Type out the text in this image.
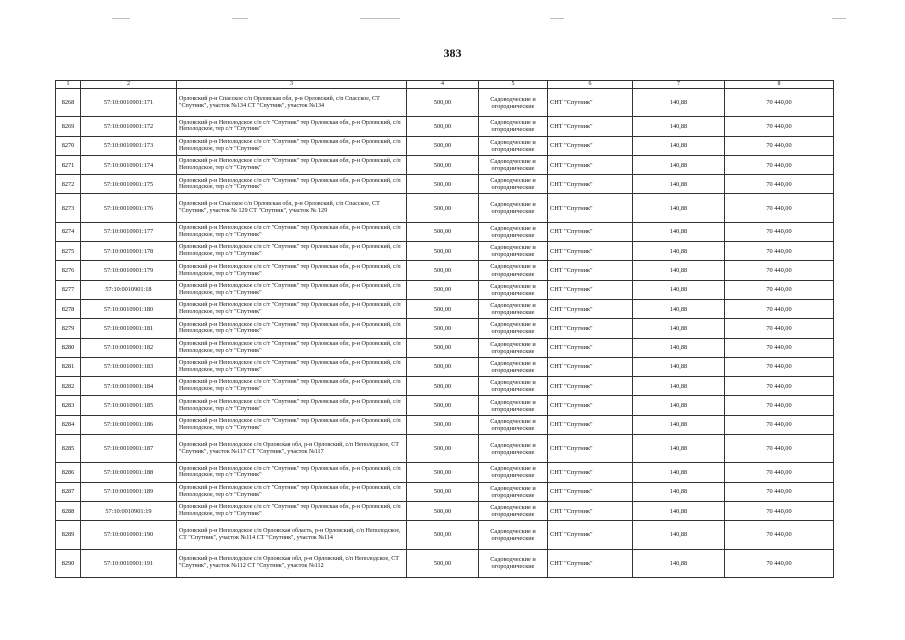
383
1	2	3	4	5	6	7	8
8268	57:10:0010901:171	Орловский р-н Спасское с/п Орловская обл, р-н Орловский, с/п Спасское, СТ "Спутник", участок №134 СТ "Спутник", участок №134	500,00	Садоводческие и огороднические	СНТ "Спутник"	140,88	70 440,00
8269	57:10:0010901:172	Орловский р-н Неполодское с/п с/т "Спутник" тер Орловская обл, р-н Орловский, с/п Неполодское, тер с/т "Спутник"	500,00	Садоводческие и огороднические	СНТ "Спутник"	140,88	70 440,00
8270	57:10:0010901:173	Орловский р-н Неполодское с/п с/т "Спутник" тер Орловская обл, р-н Орловский, с/п Неполодское, тер с/т "Спутник"	500,00	Садоводческие и огороднические	СНТ "Спутник"	140,88	70 440,00
8271	57:10:0010901:174	Орловский р-н Неполодское с/п с/т "Спутник" тер Орловская обл, р-н Орловский, с/п Неполодское, тер с/т "Спутник"	500,00	Садоводческие и огороднические	СНТ "Спутник"	140,88	70 440,00
8272	57:10:0010901:175	Орловский р-н Неполодское с/п с/т "Спутник" тер Орловская обл, р-н Орловский, с/п Неполодское, тер с/т "Спутник"	500,00	Садоводческие и огороднические	СНТ "Спутник"	140,88	70 440,00
8273	57:10:0010901:176	Орловский р-н Спасское с/п Орловская обл, р-н Орловский, с/п Спасское, СТ "Спутник", участок № 129 СТ "Спутник", участок № 129	500,00	Садоводческие и огороднические	СНТ "Спутник"	140,88	70 440,00
8274	57:10:0010901:177	Орловский р-н Неполодское с/п с/т "Спутник" тер Орловская обл, р-н Орловский, с/п Неполодское, тер с/т "Спутник"	500,00	Садоводческие и огороднические	СНТ "Спутник"	140,88	70 440,00
8275	57:10:0010901:178	Орловский р-н Неполодское с/п с/т "Спутник" тер Орловская обл, р-н Орловский, с/п Неполодское, тер с/т "Спутник"	500,00	Садоводческие и огороднические	СНТ "Спутник"	140,88	70 440,00
8276	57:10:0010901:179	Орловский р-н Неполодское с/п с/т "Спутник" тер Орловская обл, р-н Орловский, с/п Неполодское, тер с/т "Спутник"	500,00	Садоводческие и огороднические	СНТ "Спутник"	140,88	70 440,00
8277	57:10:0010901:18	Орловский р-н Неполодское с/п с/т "Спутник" тер Орловская обл, р-н Орловский, с/п Неполодское, тер с/т "Спутник"	500,00	Садоводческие и огороднические	СНТ "Спутник"	140,88	70 440,00
8278	57:10:0010901:180	Орловский р-н Неполодское с/п с/т "Спутник" тер Орловская обл, р-н Орловский, с/п Неполодское, тер с/т "Спутник"	500,00	Садоводческие и огороднические	СНТ "Спутник"	140,88	70 440,00
8279	57:10:0010901:181	Орловский р-н Неполодское с/п с/т "Спутник" тер Орловская обл, р-н Орловский, с/п Неполодское, тер с/т "Спутник"	500,00	Садоводческие и огороднические	СНТ "Спутник"	140,88	70 440,00
8280	57:10:0010901:182	Орловский р-н Неполодское с/п с/т "Спутник" тер Орловская обл, р-н Орловский, с/п Неполодское, тер с/т "Спутник"	500,00	Садоводческие и огороднические	СНТ "Спутник"	140,88	70 440,00
8281	57:10:0010901:183	Орловский р-н Неполодское с/п с/т "Спутник" тер Орловская обл, р-н Орловский, с/п Неполодское, тер с/т "Спутник"	500,00	Садоводческие и огороднические	СНТ "Спутник"	140,88	70 440,00
8282	57:10:0010901:184	Орловский р-н Неполодское с/п с/т "Спутник" тер Орловская обл, р-н Орловский, с/п Неполодское, тер с/т "Спутник"	500,00	Садоводческие и огороднические	СНТ "Спутник"	140,88	70 440,00
8283	57:10:0010901:185	Орловский р-н Неполодское с/п с/т "Спутник" тер Орловская обл, р-н Орловский, с/п Неполодское, тер с/т "Спутник"	500,00	Садоводческие и огороднические	СНТ "Спутник"	140,88	70 440,00
8284	57:10:0010901:186	Орловский р-н Неполодское с/п с/т "Спутник" тер Орловская обл, р-н Орловский, с/п Неполодское, тер с/т "Спутник"	500,00	Садоводческие и огороднические	СНТ "Спутник"	140,88	70 440,00
8285	57:10:0010901:187	Орловский р-н Неполодское с/п Орловская обл, р-н Орловский, с/п Неполодское, СТ "Спутник", участок №117 СТ "Спутник", участок №117	500,00	Садоводческие и огороднические	СНТ "Спутник"	140,88	70 440,00
8286	57:10:0010901:188	Орловский р-н Неполодское с/п с/т "Спутник" тер Орловская обл, р-н Орловский, с/п Неполодское, тер с/т "Спутник"	500,00	Садоводческие и огороднические	СНТ "Спутник"	140,88	70 440,00
8287	57:10:0010901:189	Орловский р-н Неполодское с/п с/т "Спутник" тер Орловская обл, р-н Орловский, с/п Неполодское, тер с/т "Спутник"	500,00	Садоводческие и огороднические	СНТ "Спутник"	140,88	70 440,00
8288	57:10:0010901:19	Орловский р-н Неполодское с/п с/т "Спутник" тер Орловская обл, р-н Орловский, с/п Неполодское, тер с/т "Спутник"	500,00	Садоводческие и огороднические	СНТ "Спутник"	140,88	70 440,00
8289	57:10:0010901:190	Орловский р-н Неполодское с/п Орловская область, р-н Орловский, с/п Неполодское, СТ "Спутник", участок №114 СТ "Спутник", участок №114	500,00	Садоводческие и огороднические	СНТ "Спутник"	140,88	70 440,00
8290	57:10:0010901:191	Орловский р-н Неполодское с/п Орловская обл, р-н Орловский, с/п Неполодское, СТ "Спутник", участок №112 СТ "Спутник", участок №112	500,00	Садоводческие и огороднические	СНТ "Спутник"	140,88	70 440,00
